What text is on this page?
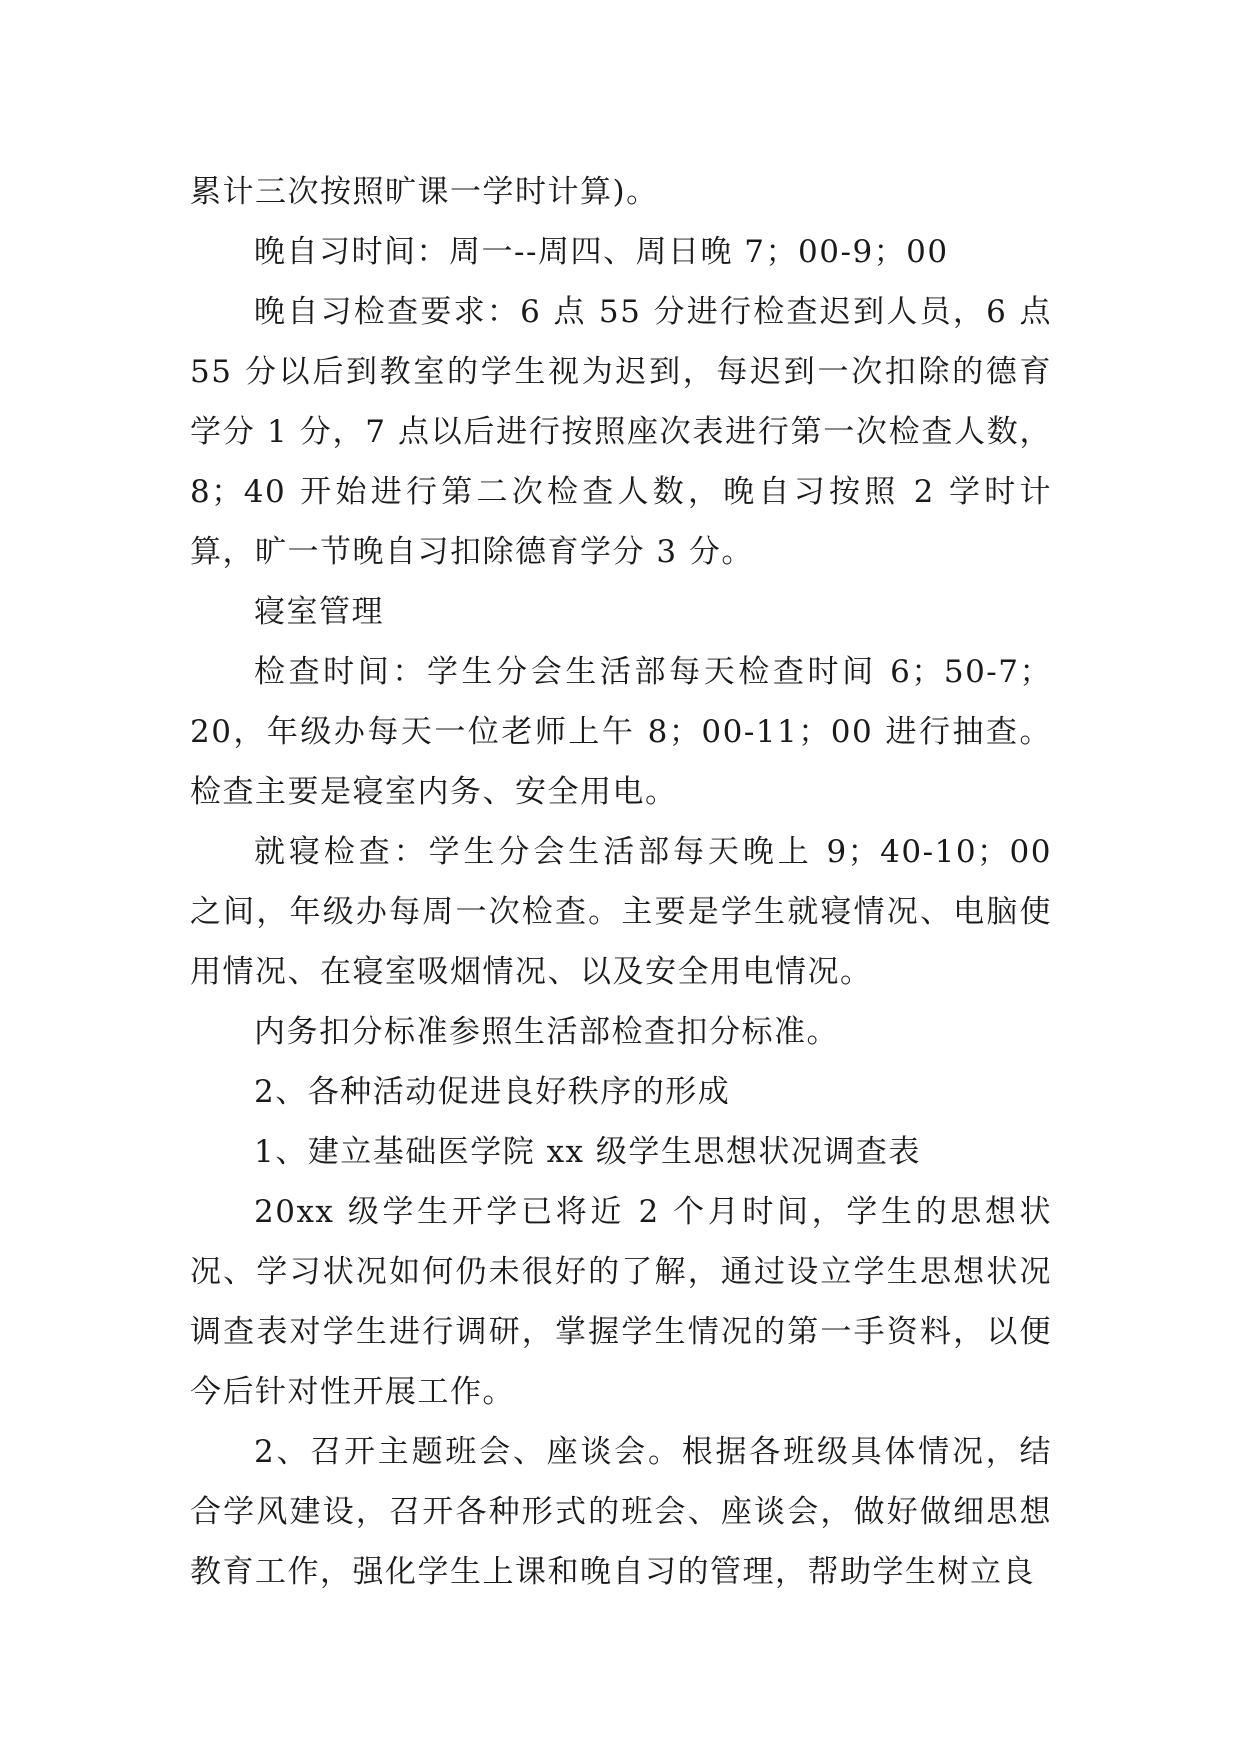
累计三次按照旷课一学时计算)。

晚自习时间：周一--周四、周日晚 7；00-9；00

晚自习检查要求：6 点 55 分进行检查迟到人员，6 点 55 分以后到教室的学生视为迟到，每迟到一次扣除的德育学分 1 分，7 点以后进行按照座次表进行第一次检查人数，8；40 开始进行第二次检查人数，晚自习按照 2 学时计算，旷一节晚自习扣除德育学分 3 分。

寝室管理

检查时间：学生分会生活部每天检查时间 6；50-7；20，年级办每天一位老师上午 8；00-11；00 进行抽查。检查主要是寝室内务、安全用电。

就寝检查：学生分会生活部每天晚上 9；40-10；00 之间，年级办每周一次检查。主要是学生就寝情况、电脑使用情况、在寝室吸烟情况、以及安全用电情况。

内务扣分标准参照生活部检查扣分标准。

2、各种活动促进良好秩序的形成

1、建立基础医学院 xx 级学生思想状况调查表

20xx 级学生开学已将近 2 个月时间，学生的思想状况、学习状况如何仍未很好的了解，通过设立学生思想状况调查表对学生进行调研，掌握学生情况的第一手资料，以便今后针对性开展工作。

2、召开主题班会、座谈会。根据各班级具体情况，结合学风建设，召开各种形式的班会、座谈会，做好做细思想教育工作，强化学生上课和晚自习的管理，帮助学生树立良
